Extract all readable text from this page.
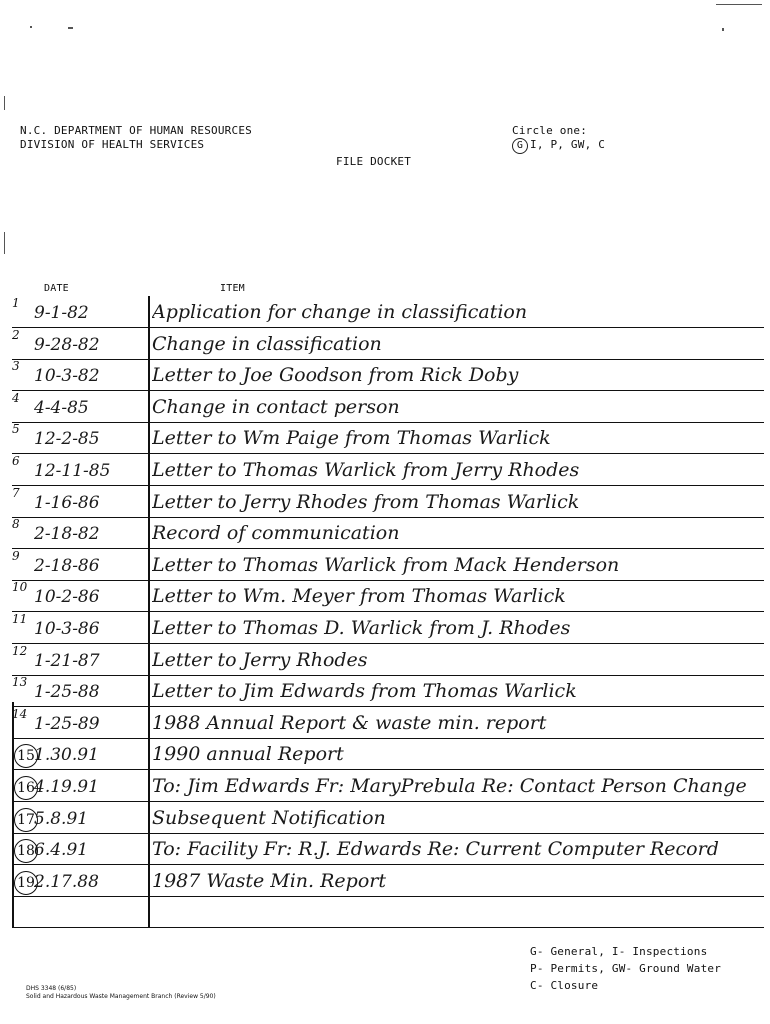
N.C. DEPARTMENT OF HUMAN RESOURCES
DIVISION OF HEALTH SERVICES
Circle one:
G I, P, GW, C
FILE DOCKET
DATE	ITEM
1 9-1-82	Application for change in classification
2 9-28-82	Change in classification
3 10-3-82	Letter to Joe Goodson from Rick Doby
4 4-4-85	Change in contact person
5 12-2-85	Letter to Wm Paige from Thomas Warlick
6 12-11-85	Letter to Thomas Warlick from Jerry Rhodes
7 1-16-86	Letter to Jerry Rhodes from Thomas Warlick
8 2-18-82	Record of communication
9 2-18-86	Letter to Thomas Warlick from Mack Henderson
10 10-2-86	Letter to Wm. Meyer from Thomas Warlick
11 10-3-86	Letter to Thomas D. Warlick from J. Rhodes
12 1-21-87	Letter to Jerry Rhodes
13 1-25-88	Letter to Jim Edwards from Thomas Warlick
14 1-25-89	1988 Annual Report & waste min. report
15 1.30.91	1990 annual Report
16 4.19.91	To: Jim Edwards Fr: MaryPrebula Re: Contact Person Change
17 5.8.91	Subsequent Notification
18 6.4.91	To: Facility Fr: R.J. Edwards Re: Current Computer Record
19 2.17.88	1987 Waste Min. Report
G- General, I- Inspections
P- Permits, GW- Ground Water
C- Closure
DHS 3348 (6/85)
Solid and Hazardous Waste Management Branch (Review 5/90)
